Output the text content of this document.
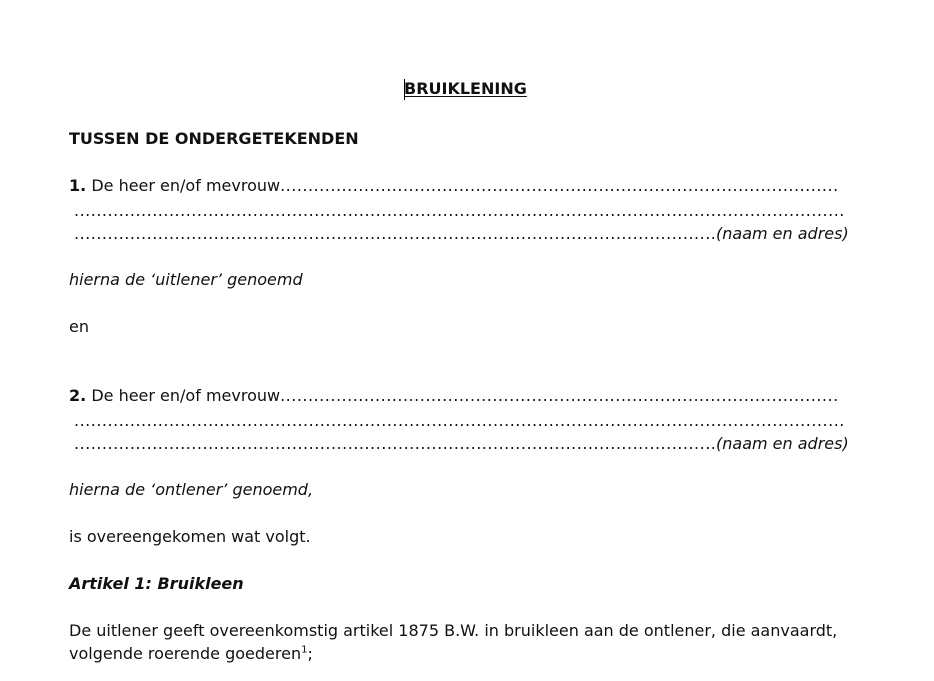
BRUIKLENING
TUSSEN DE ONDERGETEKENDEN
1. De heer en/of mevrouw.....
.....
.....
(naam en adres)
hierna de ‘uitlener’ genoemd
en
2. De heer en/of mevrouw.....
.....
.....
(naam en adres)
hierna de ‘ontlener’ genoemd,
is overeengekomen wat volgt.
Artikel 1: Bruikleen
De uitlener geeft overeenkomstig artikel 1875 B.W. in bruikleen aan de ontlener, die aanvaardt,
volgende roerende goederen$^1$;
